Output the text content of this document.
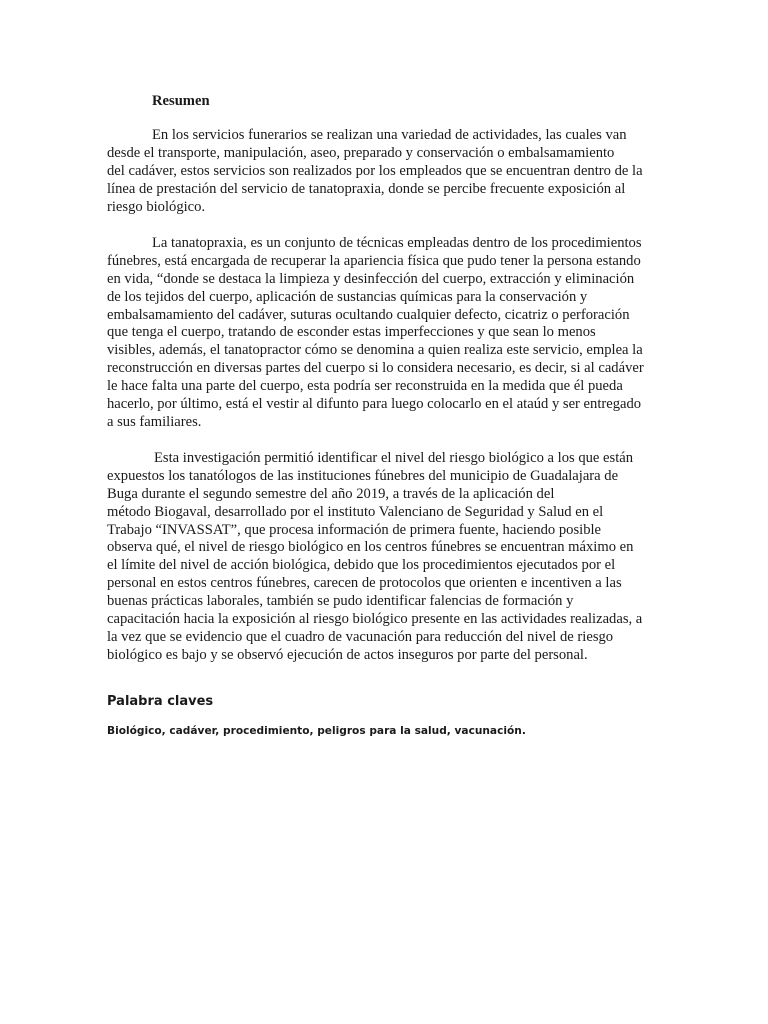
Resumen
En los servicios funerarios se realizan una variedad de actividades, las cuales van
desde el transporte, manipulación, aseo, preparado y conservación o embalsamamiento
del cadáver, estos servicios son realizados por los empleados que se encuentran dentro de la
línea de prestación del servicio de tanatopraxia, donde se percibe frecuente exposición al
riesgo biológico.
La tanatopraxia, es un conjunto de técnicas empleadas dentro de los procedimientos
fúnebres, está encargada de recuperar la apariencia física que pudo tener la persona estando
en vida, “donde se destaca la limpieza y desinfección del cuerpo, extracción y eliminación
de los tejidos del cuerpo, aplicación de sustancias químicas para la conservación y
embalsamamiento del cadáver, suturas ocultando cualquier defecto, cicatriz o perforación
que tenga el cuerpo, tratando de esconder estas imperfecciones y que sean lo menos
visibles, además, el tanatopractor cómo se denomina a quien realiza este servicio, emplea la
reconstrucción en diversas partes del cuerpo si lo considera necesario, es decir, si al cadáver
le hace falta una parte del cuerpo, esta podría ser reconstruida en la medida que él pueda
hacerlo, por último, está el vestir al difunto para luego colocarlo en el ataúd y ser entregado
a sus familiares.
Esta investigación permitió identificar el nivel del riesgo biológico a los que están
expuestos los tanatólogos de las instituciones fúnebres del municipio de Guadalajara de
Buga durante el segundo semestre del año 2019, a través de la aplicación del
método Biogaval, desarrollado por el instituto Valenciano de Seguridad y Salud en el
Trabajo “INVASSAT”, que procesa información de primera fuente, haciendo posible
observa qué, el nivel de riesgo biológico en los centros fúnebres se encuentran máximo en
el límite del nivel de acción biológica, debido que los procedimientos ejecutados por el
personal en estos centros fúnebres, carecen de protocolos que orienten e incentiven a las
buenas prácticas laborales, también se pudo identificar falencias de formación y
capacitación hacia la exposición al riesgo biológico presente en las actividades realizadas, a
la vez que se evidencio que el cuadro de vacunación para reducción del nivel de riesgo
biológico es bajo y se observó ejecución de actos inseguros por parte del personal.
Palabra claves

Biológico, cadáver, procedimiento, peligros para la salud, vacunación.
